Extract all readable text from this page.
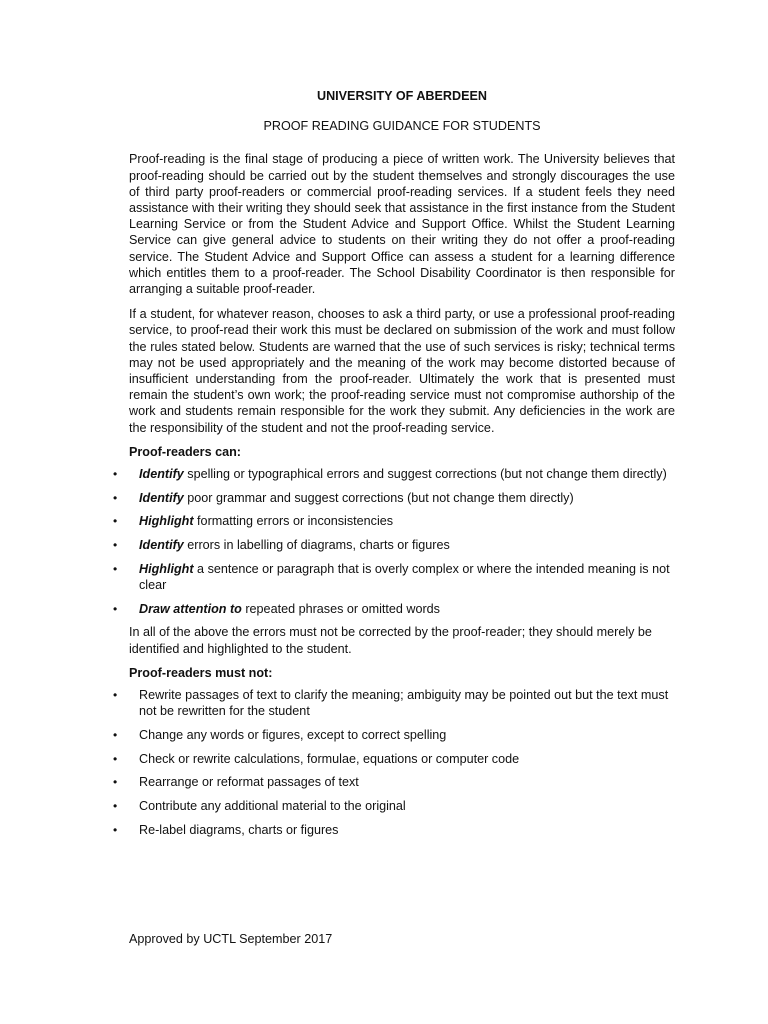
UNIVERSITY OF ABERDEEN

PROOF READING GUIDANCE FOR STUDENTS

Proof-reading is the final stage of producing a piece of written work. The University believes that proof-reading should be carried out by the student themselves and strongly discourages the use of third party proof-readers or commercial proof-reading services. If a student feels they need assistance with their writing they should seek that assistance in the first instance from the Student Learning Service or from the Student Advice and Support Office. Whilst the Student Learning Service can give general advice to students on their writing they do not offer a proof-reading service. The Student Advice and Support Office can assess a student for a learning difference which entitles them to a proof-reader. The School Disability Coordinator is then responsible for arranging a suitable proof-reader.

If a student, for whatever reason, chooses to ask a third party, or use a professional proof-reading service, to proof-read their work this must be declared on submission of the work and must follow the rules stated below. Students are warned that the use of such services is risky; technical terms may not be used appropriately and the meaning of the work may become distorted because of insufficient understanding from the proof-reader. Ultimately the work that is presented must remain the student’s own work; the proof-reading service must not compromise authorship of the work and students remain responsible for the work they submit. Any deficiencies in the work are the responsibility of the student and not the proof-reading service.

Proof-readers can:

• Identify spelling or typographical errors and suggest corrections (but not change them directly)
• Identify poor grammar and suggest corrections (but not change them directly)
• Highlight formatting errors or inconsistencies
• Identify errors in labelling of diagrams, charts or figures
• Highlight a sentence or paragraph that is overly complex or where the intended meaning is not clear
• Draw attention to repeated phrases or omitted words

In all of the above the errors must not be corrected by the proof-reader; they should merely be identified and highlighted to the student.

Proof-readers must not:

• Rewrite passages of text to clarify the meaning; ambiguity may be pointed out but the text must not be rewritten for the student
• Change any words or figures, except to correct spelling
• Check or rewrite calculations, formulae, equations or computer code
• Rearrange or reformat passages of text
• Contribute any additional material to the original
• Re-label diagrams, charts or figures
Approved by UCTL September 2017
